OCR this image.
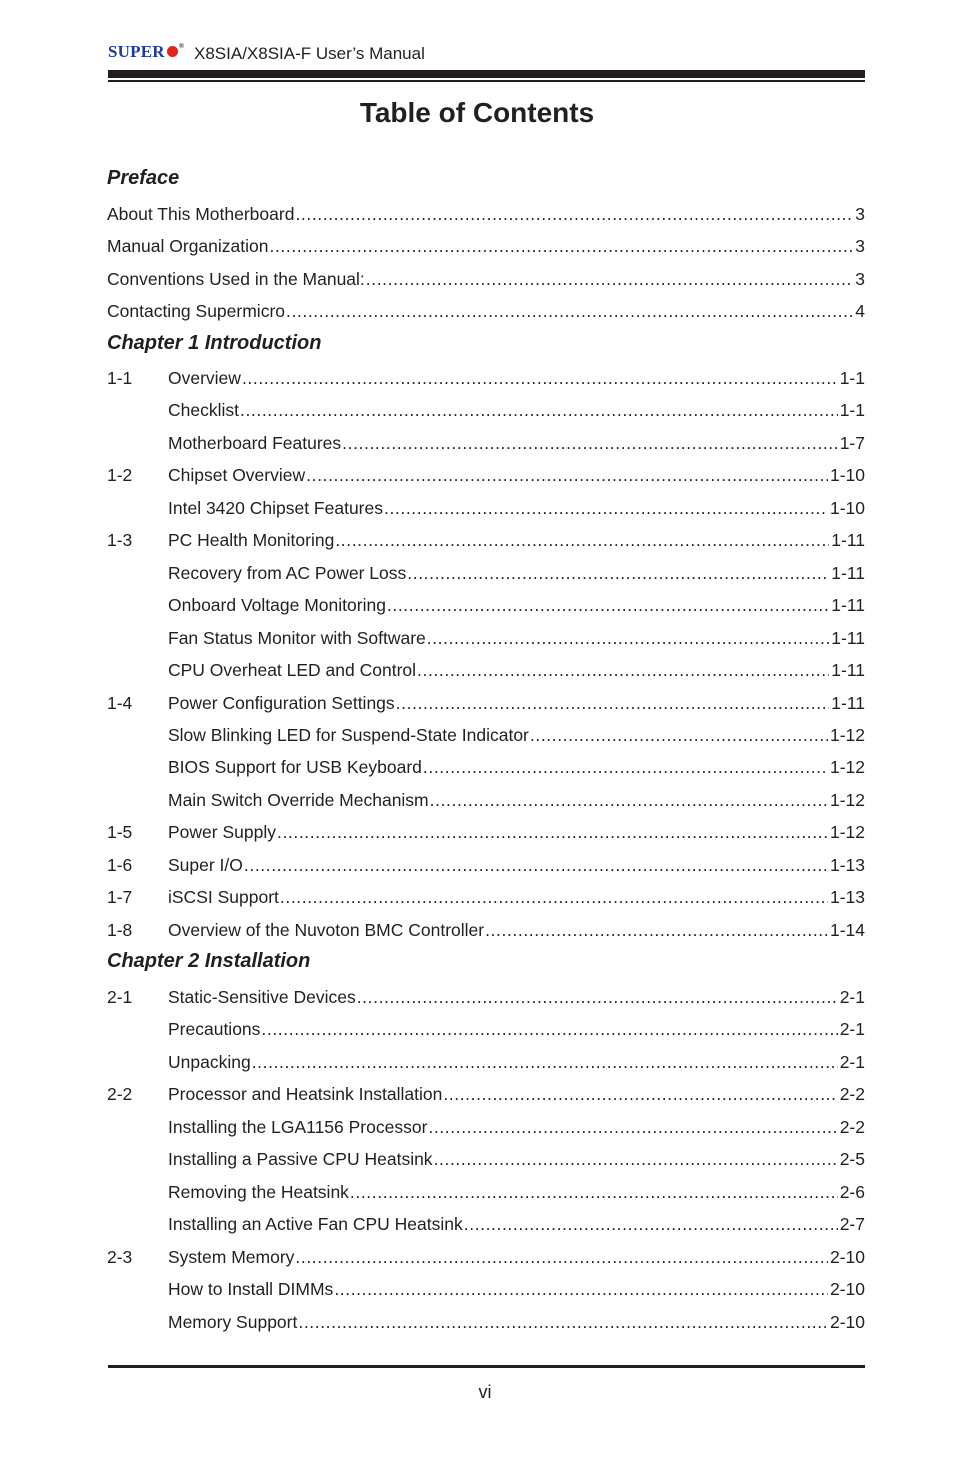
SUPER ® X8SIA/X8SIA-F User’s Manual
Table of Contents
Preface
About This Motherboard .....	3
Manual Organization .....	3
Conventions Used in the Manual: .....	3
Contacting Supermicro .....	4
Chapter 1 Introduction
1-1 Overview .....	1-1
Checklist .....	1-1
Motherboard Features .....	1-7
1-2 Chipset Overview .....	1-10
Intel 3420 Chipset Features .....	1-10
1-3 PC Health Monitoring .....	1-11
Recovery from AC Power Loss .....	1-11
Onboard Voltage Monitoring .....	1-11
Fan Status Monitor with Software .....	1-11
CPU Overheat LED and Control .....	1-11
1-4 Power Configuration Settings .....	1-11
Slow Blinking LED for Suspend-State Indicator .....	1-12
BIOS Support for USB Keyboard .....	1-12
Main Switch Override Mechanism .....	1-12
1-5 Power Supply .....	1-12
1-6 Super I/O .....	1-13
1-7 iSCSI Support .....	1-13
1-8 Overview of the Nuvoton BMC Controller .....	1-14
Chapter 2 Installation
2-1 Static-Sensitive Devices .....	2-1
Precautions .....	2-1
Unpacking .....	2-1
2-2 Processor and Heatsink Installation .....	2-2
Installing the LGA1156 Processor .....	2-2
Installing a Passive CPU Heatsink .....	2-5
Removing the Heatsink .....	2-6
Installing an Active Fan CPU Heatsink .....	2-7
2-3 System Memory .....	2-10
How to Install DIMMs .....	2-10
Memory Support .....	2-10
vi
